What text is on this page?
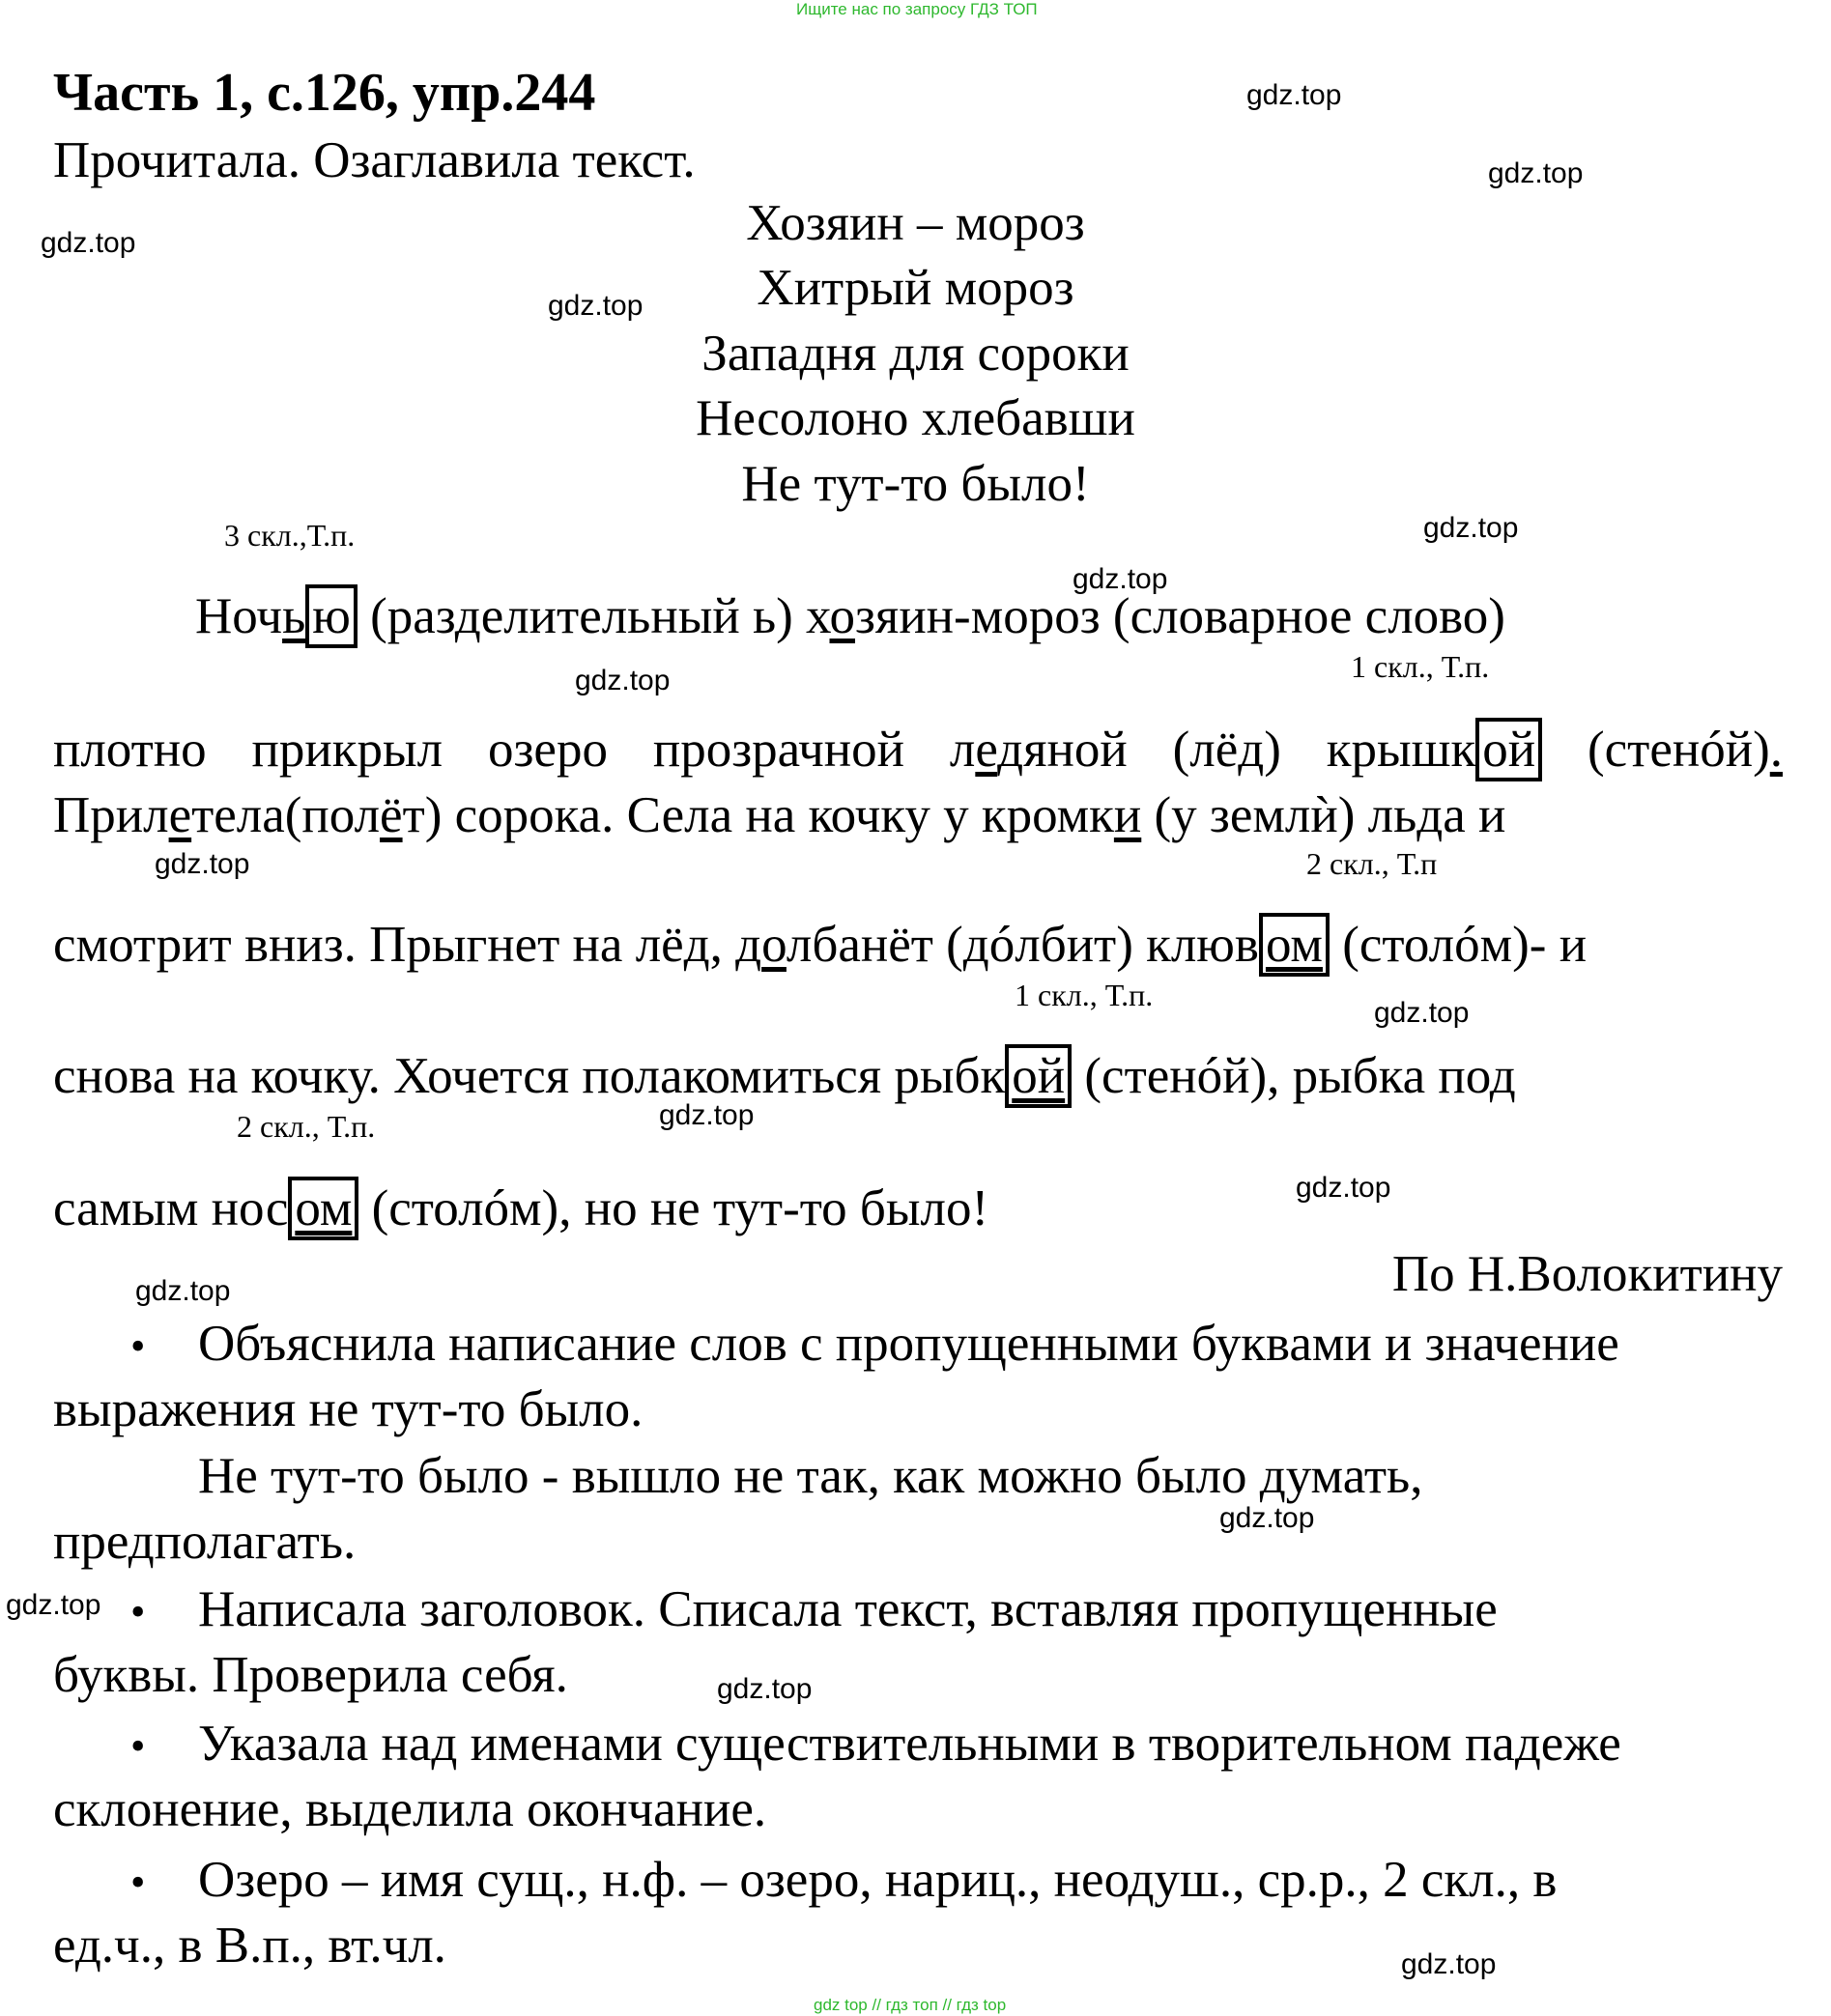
Ищите нас по запросу ГДЗ ТОП
Часть 1, с.126, упр.244
Прочитала. Озаглавила текст.
Хозяин – мороз
Хитрый мороз
Западня для сороки
Несолоно хлебавши
Не тут-то было!
3 скл.,Т.п.
1 скл., Т.п.
2 скл., Т.п
1 скл., Т.п.
2 скл., Т.п.
Ночь ю (разделительный ь) хозяин-мороз (словарное слово)
плотно прикрыл озеро прозрачной ледяной (лёд) крышк ой (стенóй).
Прилетела(полёт) сорока. Села на кочку у кромки (у землѝ) льда и
смотрит вниз. Прыгнет на лёд, долбанёт (дóлбит) клюв ом (столóм)- и
снова на кочку. Хочется полакомиться рыбк ой (стенóй), рыбка под
самым нос ом (столóм), но не тут-то было!
По Н.Волокитину
• Объяснила написание слов с пропущенными буквами и значение
выражения не тут-то было.
Не тут-то было - вышло не так, как можно было думать,
предполагать.
• Написала заголовок. Списала текст, вставляя пропущенные
буквы. Проверила себя.
• Указала над именами существительными в творительном падеже
склонение, выделила окончание.
• Озеро – имя сущ., н.ф. – озеро, нариц., неодуш., ср.р., 2 скл., в
ед.ч., в В.п., вт.чл.
gdz.top
gdz.top
gdz.top
gdz.top
gdz.top
gdz.top
gdz.top
gdz.top
gdz.top
gdz.top
gdz.top
gdz.top
gdz.top
gdz.top
gdz.top
gdz.top
gdz top // гдз топ // гдз top
